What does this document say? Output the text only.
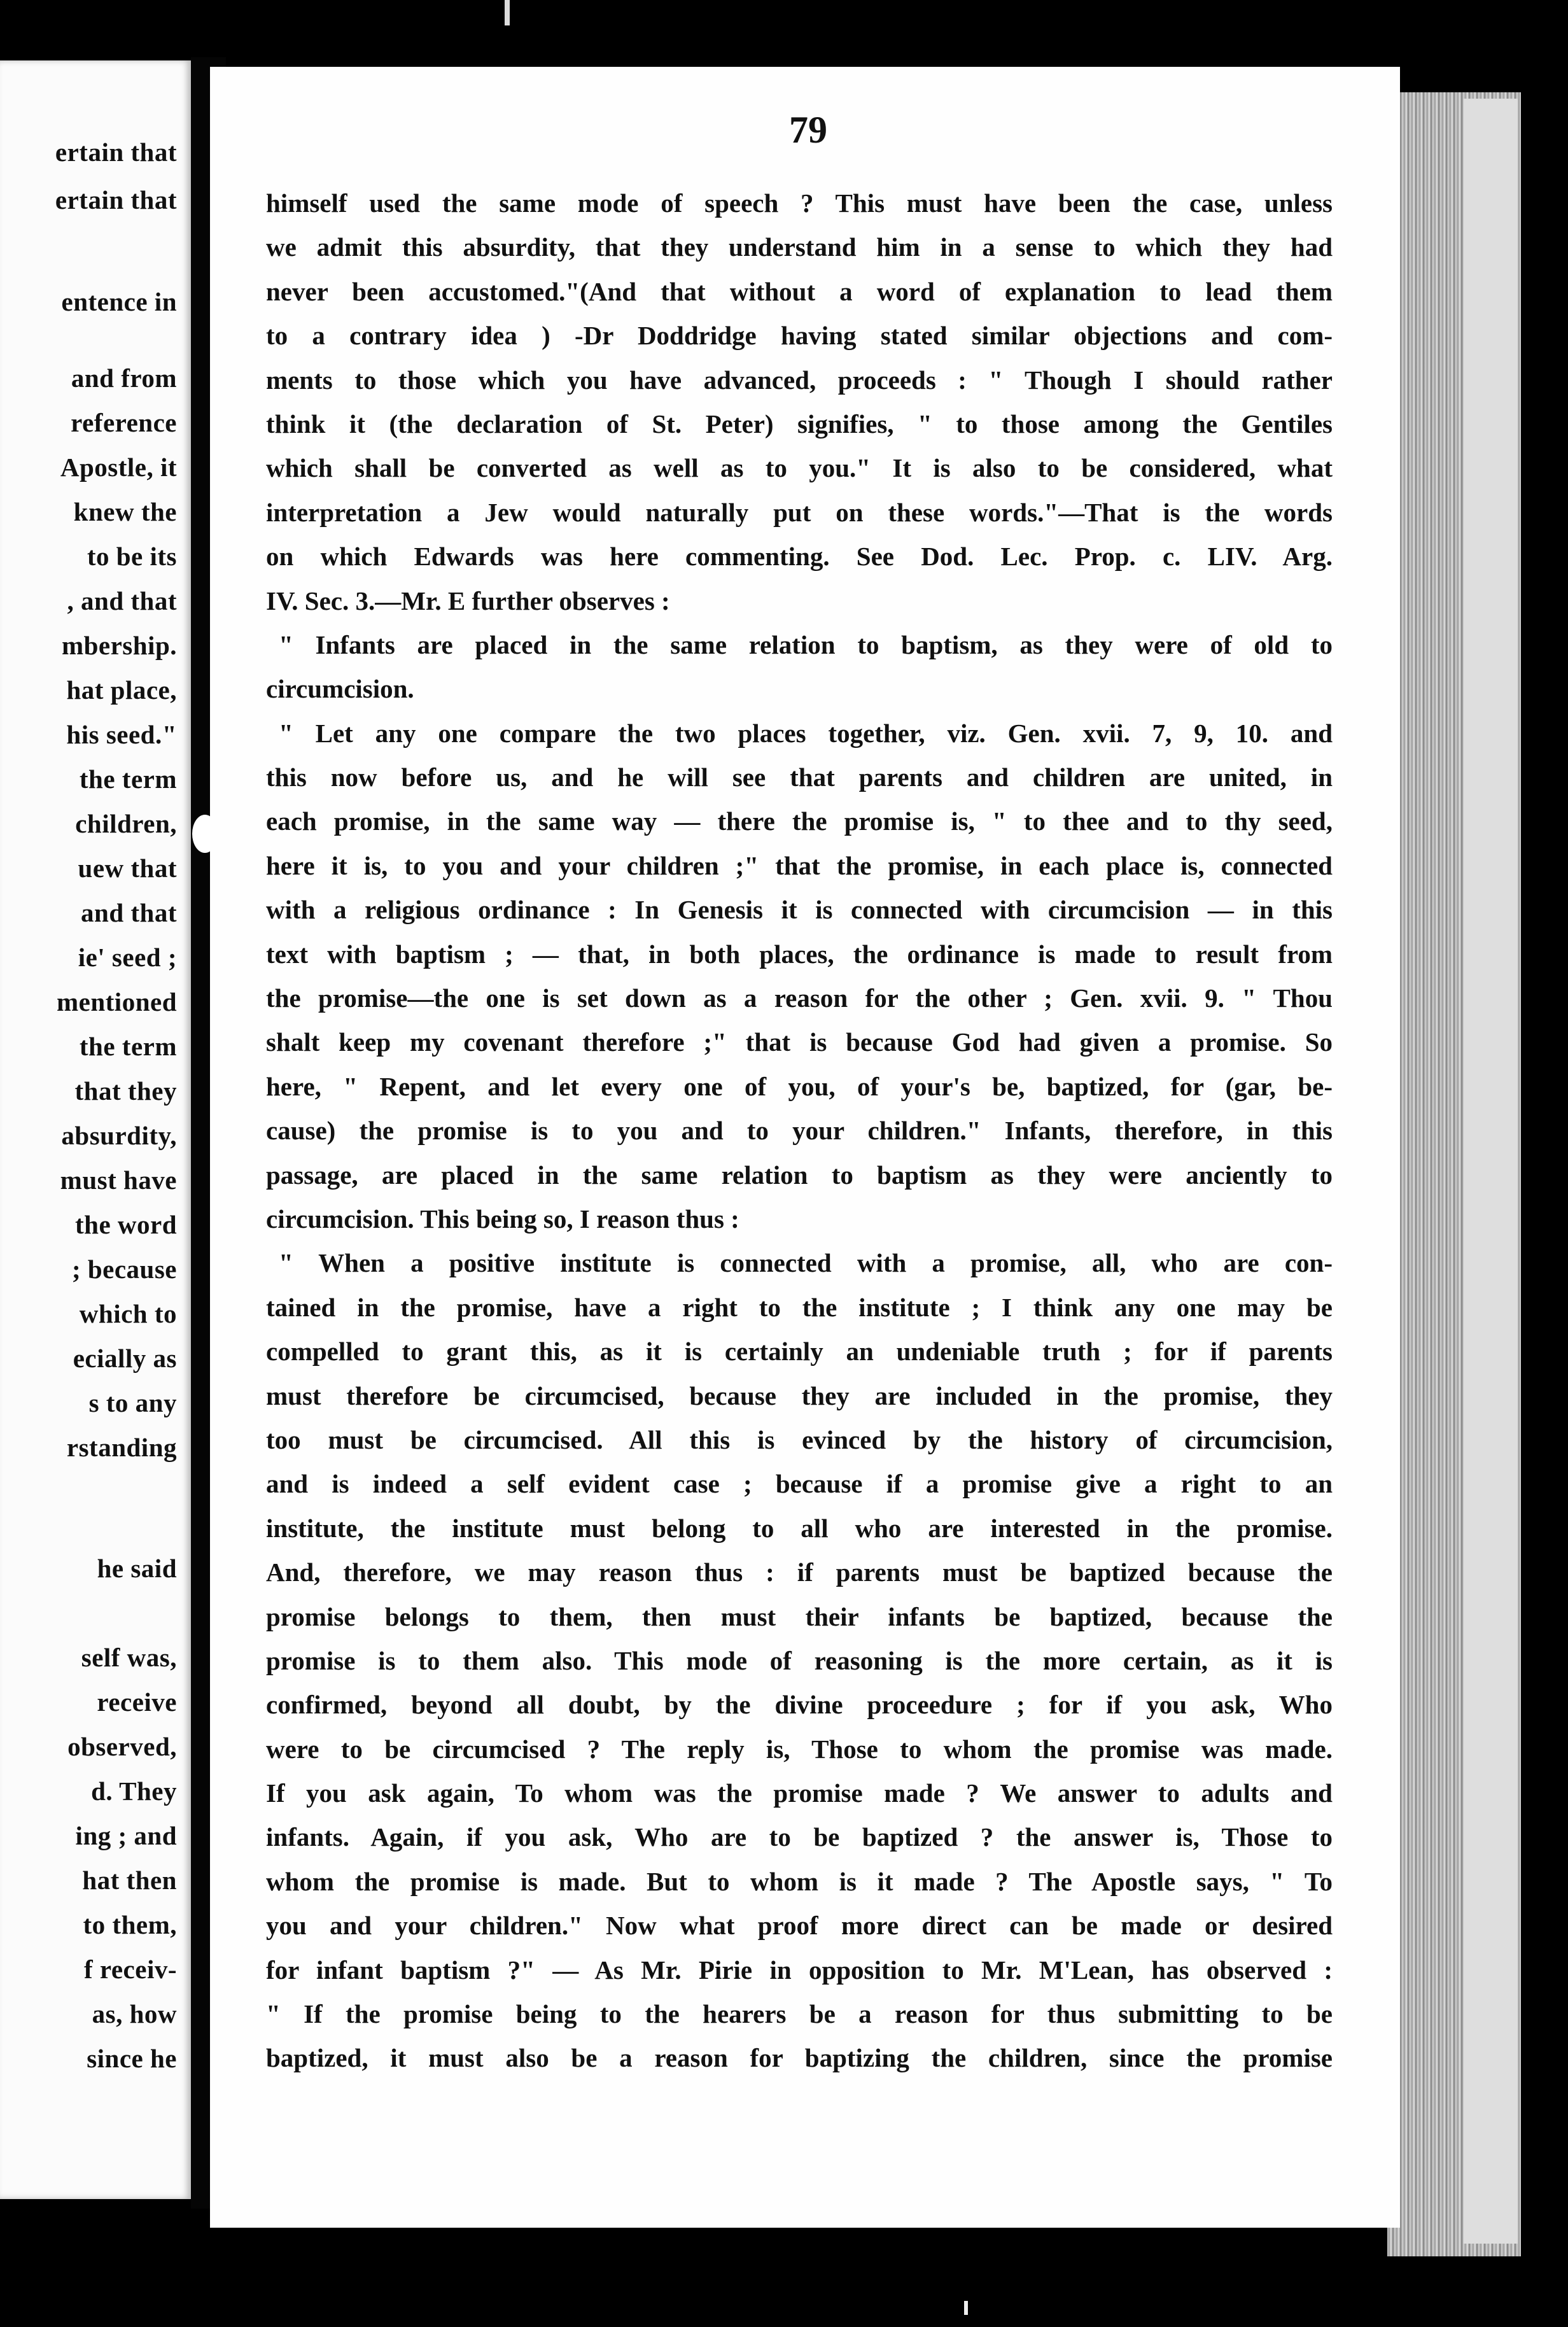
ertain that
ertain that
entence in
and from
reference
Apostle, it
knew the
to be its
, and that
mbership.
hat place,
his seed."
the term
children,
uew that
and that
ie' seed ;
mentioned
the term
that they
absurdity,
must have
the word
; because
which to
ecially as
s to any
rstanding
he said
self was,
receive
observed,
d. They
ing ; and
hat then
to them,
f receiv-
as, how
since he
79
himself used the same mode of speech ? This must have been the case, unless
we admit this absurdity, that they understand him in a sense to which they had
never been accustomed."(And that without a word of explanation to lead them
to a contrary idea ) -Dr Doddridge having stated similar objections and com-
ments to those which you have advanced, proceeds : " Though I should rather
think it (the declaration of St. Peter) signifies, " to those among the Gentiles
which shall be converted as well as to you." It is also to be considered, what
interpretation a Jew would naturally put on these words."—That is the words
on which Edwards was here commenting. See Dod. Lec. Prop. c. LIV. Arg.
IV. Sec. 3.—Mr. E further observes :
" Infants are placed in the same relation to baptism, as they were of old to
circumcision.
" Let any one compare the two places together, viz. Gen. xvii. 7, 9, 10. and
this now before us, and he will see that parents and children are united, in
each promise, in the same way — there the promise is, " to thee and to thy seed,
here it is, to you and your children ;" that the promise, in each place is, connected
with a religious ordinance : In Genesis it is connected with circumcision — in this
text with baptism ; — that, in both places, the ordinance is made to result from
the promise—the one is set down as a reason for the other ; Gen. xvii. 9. " Thou
shalt keep my covenant therefore ;" that is because God had given a promise. So
here, " Repent, and let every one of you, of your's be, baptized, for (gar, be-
cause) the promise is to you and to your children." Infants, therefore, in this
passage, are placed in the same relation to baptism as they were anciently to
circumcision. This being so, I reason thus :
" When a positive institute is connected with a promise, all, who are con-
tained in the promise, have a right to the institute ; I think any one may be
compelled to grant this, as it is certainly an undeniable truth ; for if parents
must therefore be circumcised, because they are included in the promise, they
too must be circumcised. All this is evinced by the history of circumcision,
and is indeed a self evident case ; because if a promise give a right to an
institute, the institute must belong to all who are interested in the promise.
And, therefore, we may reason thus : if parents must be baptized because the
promise belongs to them, then must their infants be baptized, because the
promise is to them also. This mode of reasoning is the more certain, as it is
confirmed, beyond all doubt, by the divine proceedure ; for if you ask, Who
were to be circumcised ? The reply is, Those to whom the promise was made.
If you ask again, To whom was the promise made ? We answer to adults and
infants. Again, if you ask, Who are to be baptized ? the answer is, Those to
whom the promise is made. But to whom is it made ? The Apostle says, " To
you and your children." Now what proof more direct can be made or desired
for infant baptism ?" — As Mr. Pirie in opposition to Mr. M'Lean, has observed :
" If the promise being to the hearers be a reason for thus submitting to be
baptized, it must also be a reason for baptizing the children, since the promise
